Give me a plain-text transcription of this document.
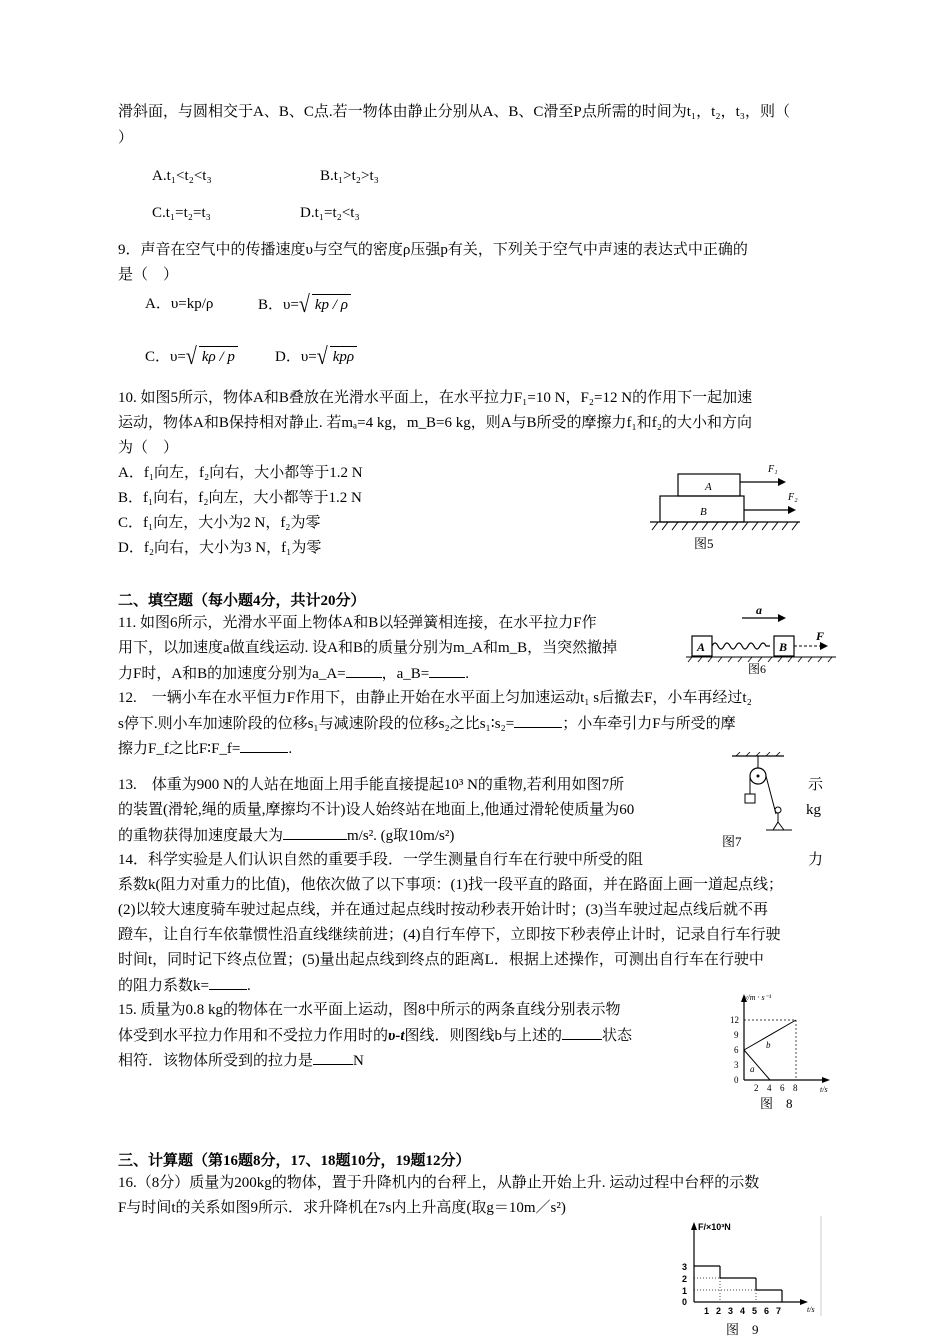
滑斜面，与圆相交于A、B、C点.若一物体由静止分别从A、B、C滑至P点所需的时间为t₁，t₂，t₃，则（
）
A.t₁<t₂<t₃	B.t₁>t₂>t₃
C.t₁=t₂=t₃	D.t₁=t₂<t₃
9．声音在空气中的传播速度υ与空气的密度ρ压强p有关，下列关于空气中声速的表达式中正确的
是（　）
A．υ=kp/ρ	B．υ=√ kp / ρ
C．υ=√ kρ / p	D．υ=√ kpρ
10. 如图5所示，物体A和B叠放在光滑水平面上，在水平拉力F₁=10 N，F₂=12 N的作用下一起加速
运动，物体A和B保持相对静止. 若mₐ=4 kg，m_B=6 kg，则A与B所受的摩擦力f₁和f₂的大小和方向
为（　）
A．f₁向左，f₂向右，大小都等于1.2 N
B．f₁向右，f₂向左，大小都等于1.2 N
C．f₁向左，大小为2 N，f₂为零
D．f₂向右，大小为3 N，f₁为零
A
B
F₁
F₂
图5
二、填空题（每小题4分，共计20分）
11. 如图6所示，光滑水平面上物体A和B以轻弹簧相连接，在水平拉力F作
用下，以加速度a做直线运动. 设A和B的质量分别为m_A和m_B，当突然撤掉
力F时，A和B的加速度分别为a_A= ，a_B= .
a
F
A	B
图6
12.　一辆小车在水平恒力F作用下，由静止开始在水平面上匀加速运动t₁ s后撤去F，小车再经过t₂
s停下.则小车加速阶段的位移s₁与减速阶段的位移s₂之比s₁∶s₂=	；小车牵引力F与所受的摩
擦力F_f之比F∶F_f=	.
13.　体重为900 N的人站在地面上用手能直接提起10³ N的重物,若利用如图7所	示
的装置(滑轮,绳的质量,摩擦均不计)设人始终站在地面上,他通过滑轮使质量为60	kg
的重物获得加速度最大为	m/s². (g取10m/s²)	图7
14．科学实验是人们认识自然的重要手段．一学生测量自行车在行驶中所受的阻	力
系数k(阻力对重力的比值)，他依次做了以下事项：(1)找一段平直的路面，并在路面上画一道起点线；
(2)以较大速度骑车驶过起点线，并在通过起点线时按动秒表开始计时；(3)当车驶过起点线后就不再
蹬车，让自行车依靠惯性沿直线继续前进；(4)自行车停下，立即按下秒表停止计时，记录自行车行驶
时间t，同时记下终点位置；(5)量出起点线到终点的距离L．根据上述操作，可测出自行车在行驶中
的阻力系数k=	.
15. 质量为0.8 kg的物体在一水平面上运动，图8中所示的两条直线分别表示物
体受到水平拉力作用和不受拉力作用时的υ-t图线．则图线b与上述的	状态
相符．该物体所受到的拉力是	N
v/m · s⁻¹
t/s
b
a
12
9
6
3
0
2 4 6 8
图　8
三、计算题（第16题8分，17、18题10分，19题12分）
16.（8分）质量为200kg的物体，置于升降机内的台秤上，从静止开始上升. 运动过程中台秤的示数
F与时间t的关系如图9所示．求升降机在7s内上升高度(取g＝10m／s²)
F/×10³N
t/s
3
2
1
0
1 2 3 4 5 6 7
图　9
